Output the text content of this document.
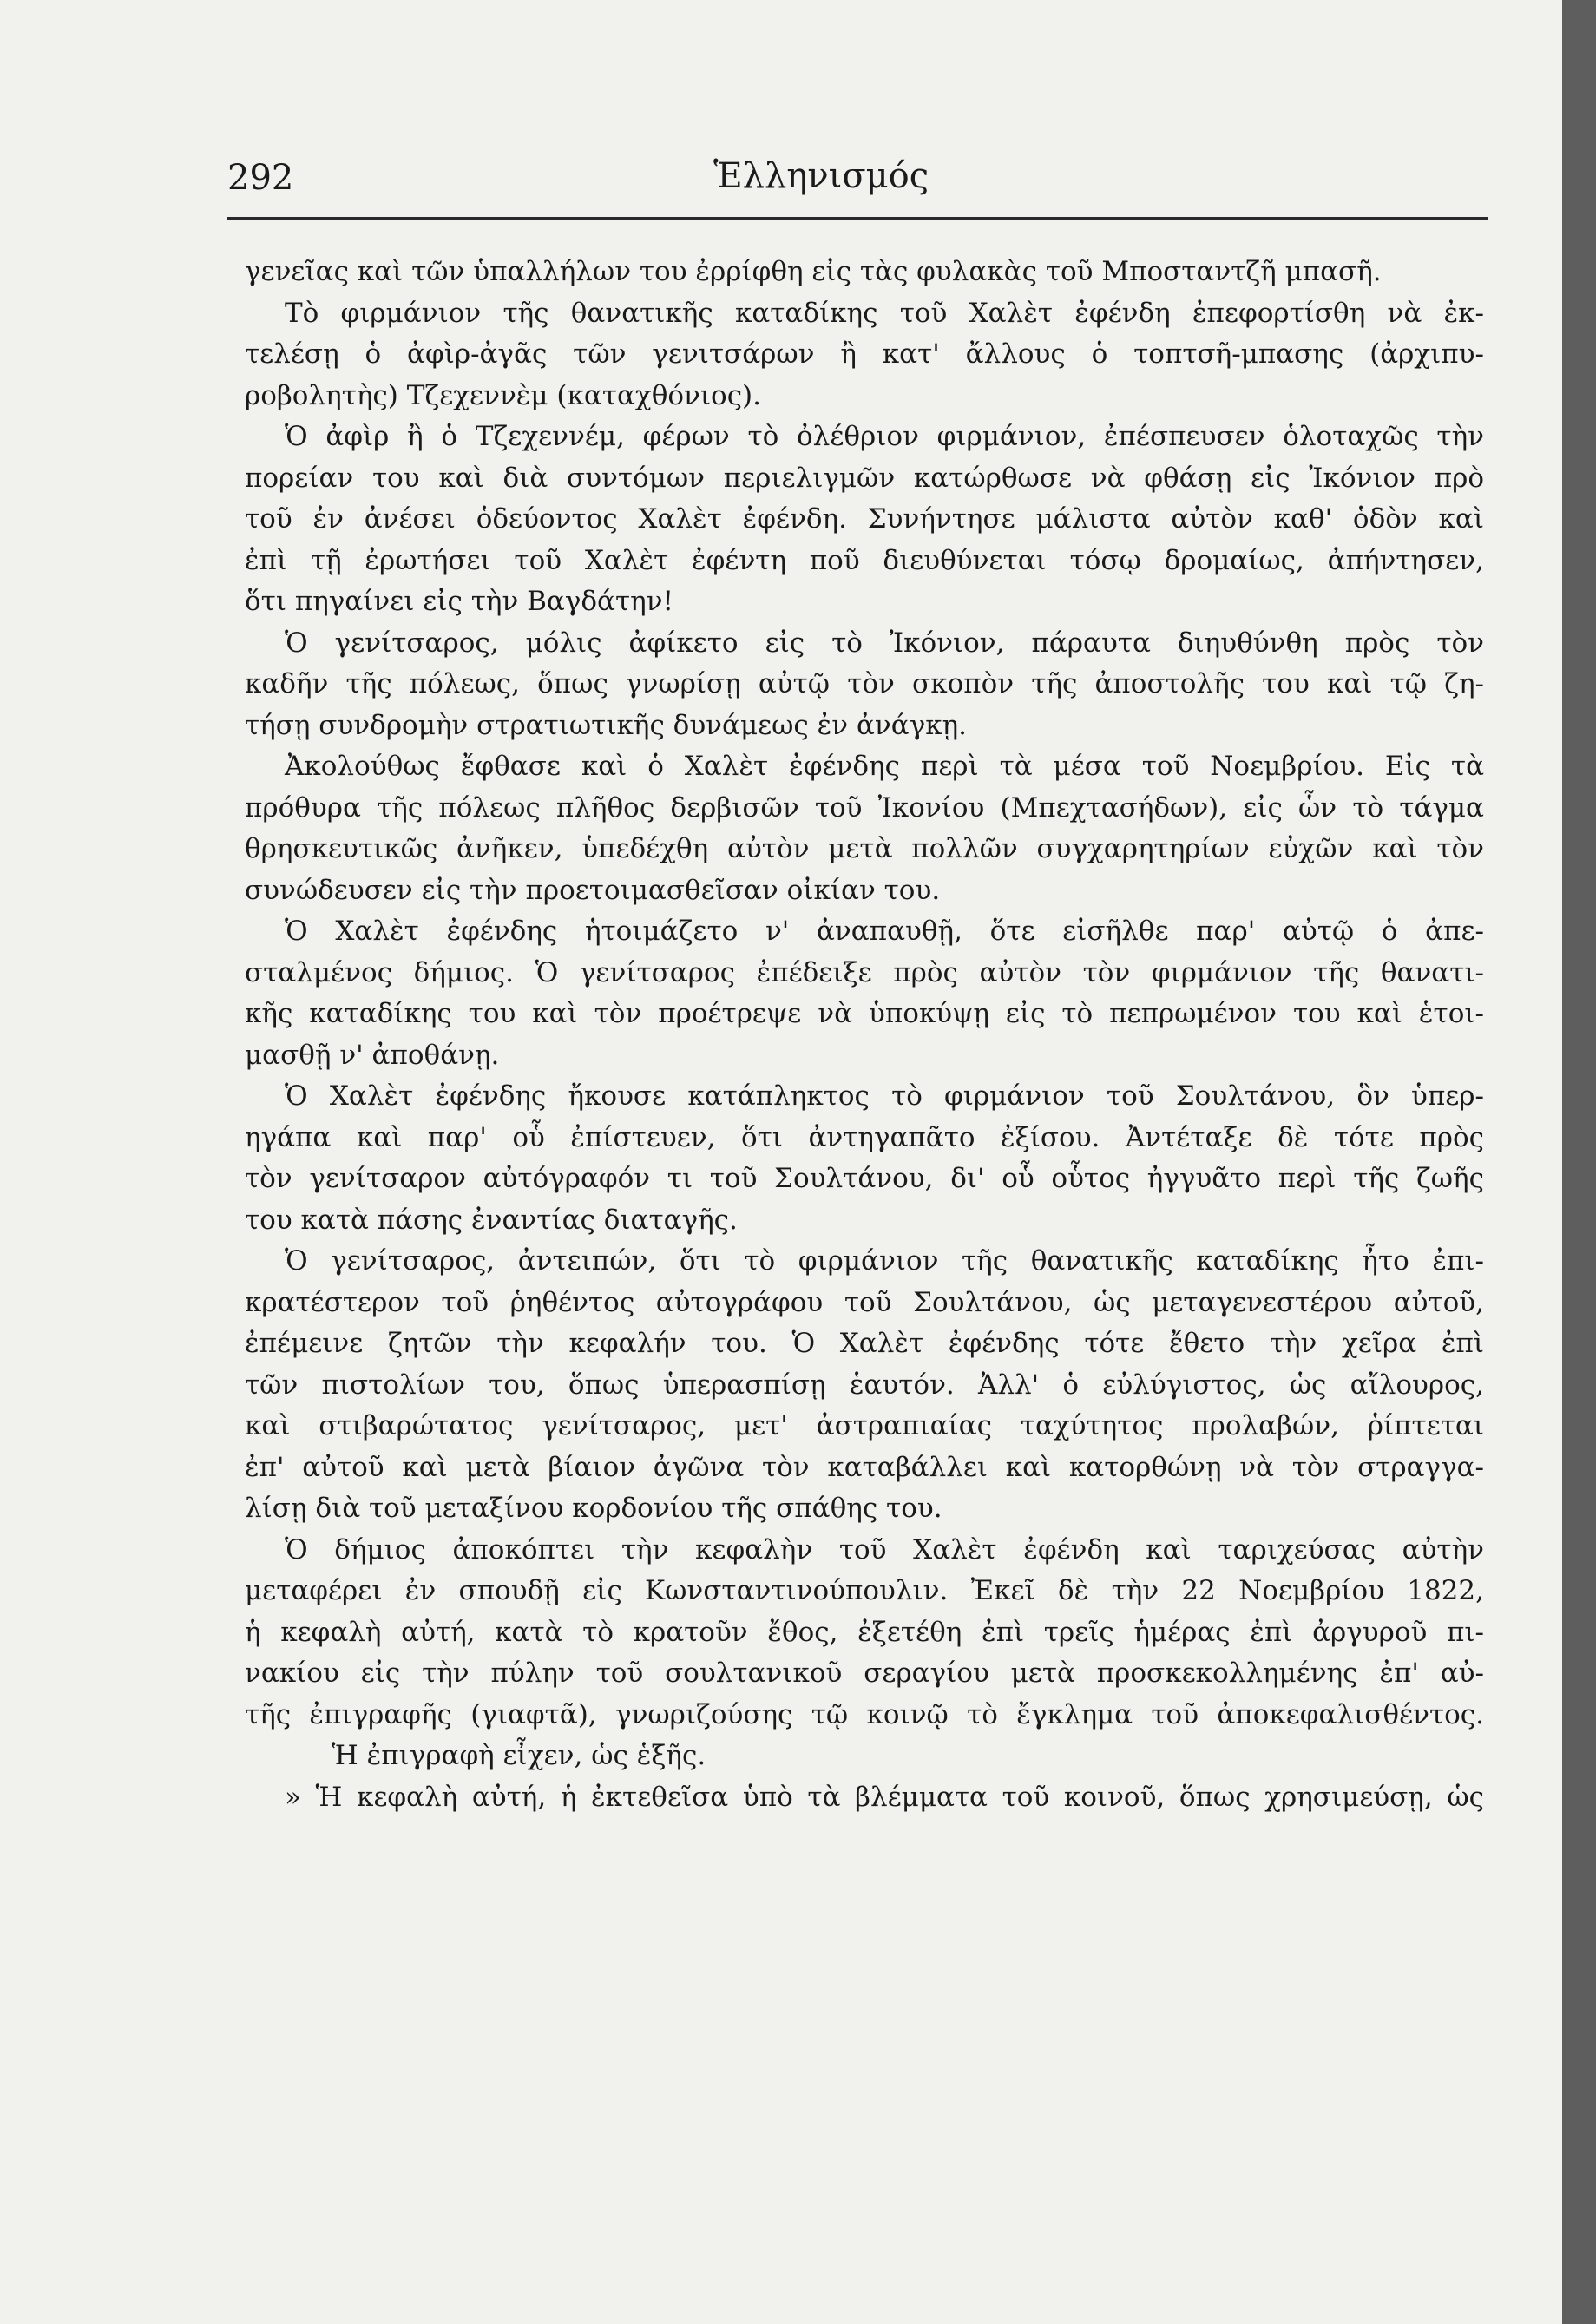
292	Ἑλληνισμός
γενεῖας καὶ τῶν ὑπαλλήλων του ἐρρίφθη εἰς τὰς φυλακὰς τοῦ Μποσταντζῆ μπασῆ.
Τὸ φιρμάνιον τῆς θανατικῆς καταδίκης τοῦ Χαλὲτ ἐφένδη ἐπεφορτίσθη νὰ ἐκ-
τελέσῃ ὁ ἀφὶρ-ἀγᾶς τῶν γενιτσάρων ἢ κατ' ἄλλους ὁ τοπτσῆ-μπασης (ἀρχιπυ-
ροβολητὴς) Τζεχεννὲμ (καταχθόνιος).
Ὁ ἀφὶρ ἢ ὁ Τζεχεννέμ, φέρων τὸ ὀλέθριον φιρμάνιον, ἐπέσπευσεν ὁλοταχῶς τὴν
πορείαν του καὶ διὰ συντόμων περιελιγμῶν κατώρθωσε νὰ φθάσῃ εἰς Ἰκόνιον πρὸ
τοῦ ἐν ἀνέσει ὁδεύοντος Χαλὲτ ἐφένδη. Συνήντησε μάλιστα αὐτὸν καθ' ὁδὸν καὶ
ἐπὶ τῇ ἐρωτήσει τοῦ Χαλὲτ ἐφέντη ποῦ διευθύνεται τόσῳ δρομαίως, ἀπήντησεν,
ὅτι πηγαίνει εἰς τὴν Βαγδάτην!
Ὁ γενίτσαρος, μόλις ἀφίκετο εἰς τὸ Ἰκόνιον, πάραυτα διηυθύνθη πρὸς τὸν
καδῆν τῆς πόλεως, ὅπως γνωρίσῃ αὐτῷ τὸν σκοπὸν τῆς ἀποστολῆς του καὶ τῷ ζη-
τήσῃ συνδρομὴν στρατιωτικῆς δυνάμεως ἐν ἀνάγκῃ.
Ἀκολούθως ἔφθασε καὶ ὁ Χαλὲτ ἐφένδης περὶ τὰ μέσα τοῦ Νοεμβρίου. Εἰς τὰ
πρόθυρα τῆς πόλεως πλῆθος δερβισῶν τοῦ Ἰκονίου (Μπεχτασήδων), εἰς ὧν τὸ τάγμα
θρησκευτικῶς ἀνῆκεν, ὑπεδέχθη αὐτὸν μετὰ πολλῶν συγχαρητηρίων εὐχῶν καὶ τὸν
συνώδευσεν εἰς τὴν προετοιμασθεῖσαν οἰκίαν του.
Ὁ Χαλὲτ ἐφένδης ἡτοιμάζετο ν' ἀναπαυθῇ, ὅτε εἰσῆλθε παρ' αὐτῷ ὁ ἀπε-
σταλμένος δήμιος. Ὁ γενίτσαρος ἐπέδειξε πρὸς αὐτὸν τὸν φιρμάνιον τῆς θανατι-
κῆς καταδίκης του καὶ τὸν προέτρεψε νὰ ὑποκύψῃ εἰς τὸ πεπρωμένον του καὶ ἑτοι-
μασθῇ ν' ἀποθάνῃ.
Ὁ Χαλὲτ ἐφένδης ἤκουσε κατάπληκτος τὸ φιρμάνιον τοῦ Σουλτάνου, ὃν ὑπερ-
ηγάπα καὶ παρ' οὗ ἐπίστευεν, ὅτι ἀντηγαπᾶτο ἐξίσου. Ἀντέταξε δὲ τότε πρὸς
τὸν γενίτσαρον αὐτόγραφόν τι τοῦ Σουλτάνου, δι' οὗ οὗτος ἠγγυᾶτο περὶ τῆς ζωῆς
του κατὰ πάσης ἐναντίας διαταγῆς.
Ὁ γενίτσαρος, ἀντειπών, ὅτι τὸ φιρμάνιον τῆς θανατικῆς καταδίκης ἦτο ἐπι-
κρατέστερον τοῦ ῥηθέντος αὐτογράφου τοῦ Σουλτάνου, ὡς μεταγενεστέρου αὐτοῦ,
ἐπέμεινε ζητῶν τὴν κεφαλήν του. Ὁ Χαλὲτ ἐφένδης τότε ἔθετο τὴν χεῖρα ἐπὶ
τῶν πιστολίων του, ὅπως ὑπερασπίσῃ ἑαυτόν. Ἀλλ' ὁ εὐλύγιστος, ὡς αἴλουρος,
καὶ στιβαρώτατος γενίτσαρος, μετ' ἀστραπιαίας ταχύτητος προλαβών, ῥίπτεται
ἐπ' αὐτοῦ καὶ μετὰ βίαιον ἀγῶνα τὸν καταβάλλει καὶ κατορθώνῃ νὰ τὸν στραγγα-
λίσῃ διὰ τοῦ μεταξίνου κορδονίου τῆς σπάθης του.
Ὁ δήμιος ἀποκόπτει τὴν κεφαλὴν τοῦ Χαλὲτ ἐφένδη καὶ ταριχεύσας αὐτὴν
μεταφέρει ἐν σπουδῇ εἰς Κωνσταντινούπουλιν. Ἐκεῖ δὲ τὴν 22 Νοεμβρίου 1822,
ἡ κεφαλὴ αὐτή, κατὰ τὸ κρατοῦν ἔθος, ἐξετέθη ἐπὶ τρεῖς ἡμέρας ἐπὶ ἀργυροῦ πι-
νακίου εἰς τὴν πύλην τοῦ σουλτανικοῦ σεραγίου μετὰ προσκεκολλημένης ἐπ' αὐ-
τῆς ἐπιγραφῆς (γιαφτᾶ), γνωριζούσης τῷ κοινῷ τὸ ἔγκλημα τοῦ ἀποκεφαλισθέντος.
Ἡ ἐπιγραφὴ εἶχεν, ὡς ἑξῆς.
» Ἡ κεφαλὴ αὐτή, ἡ ἐκτεθεῖσα ὑπὸ τὰ βλέμματα τοῦ κοινοῦ, ὅπως χρησιμεύσῃ, ὡς
